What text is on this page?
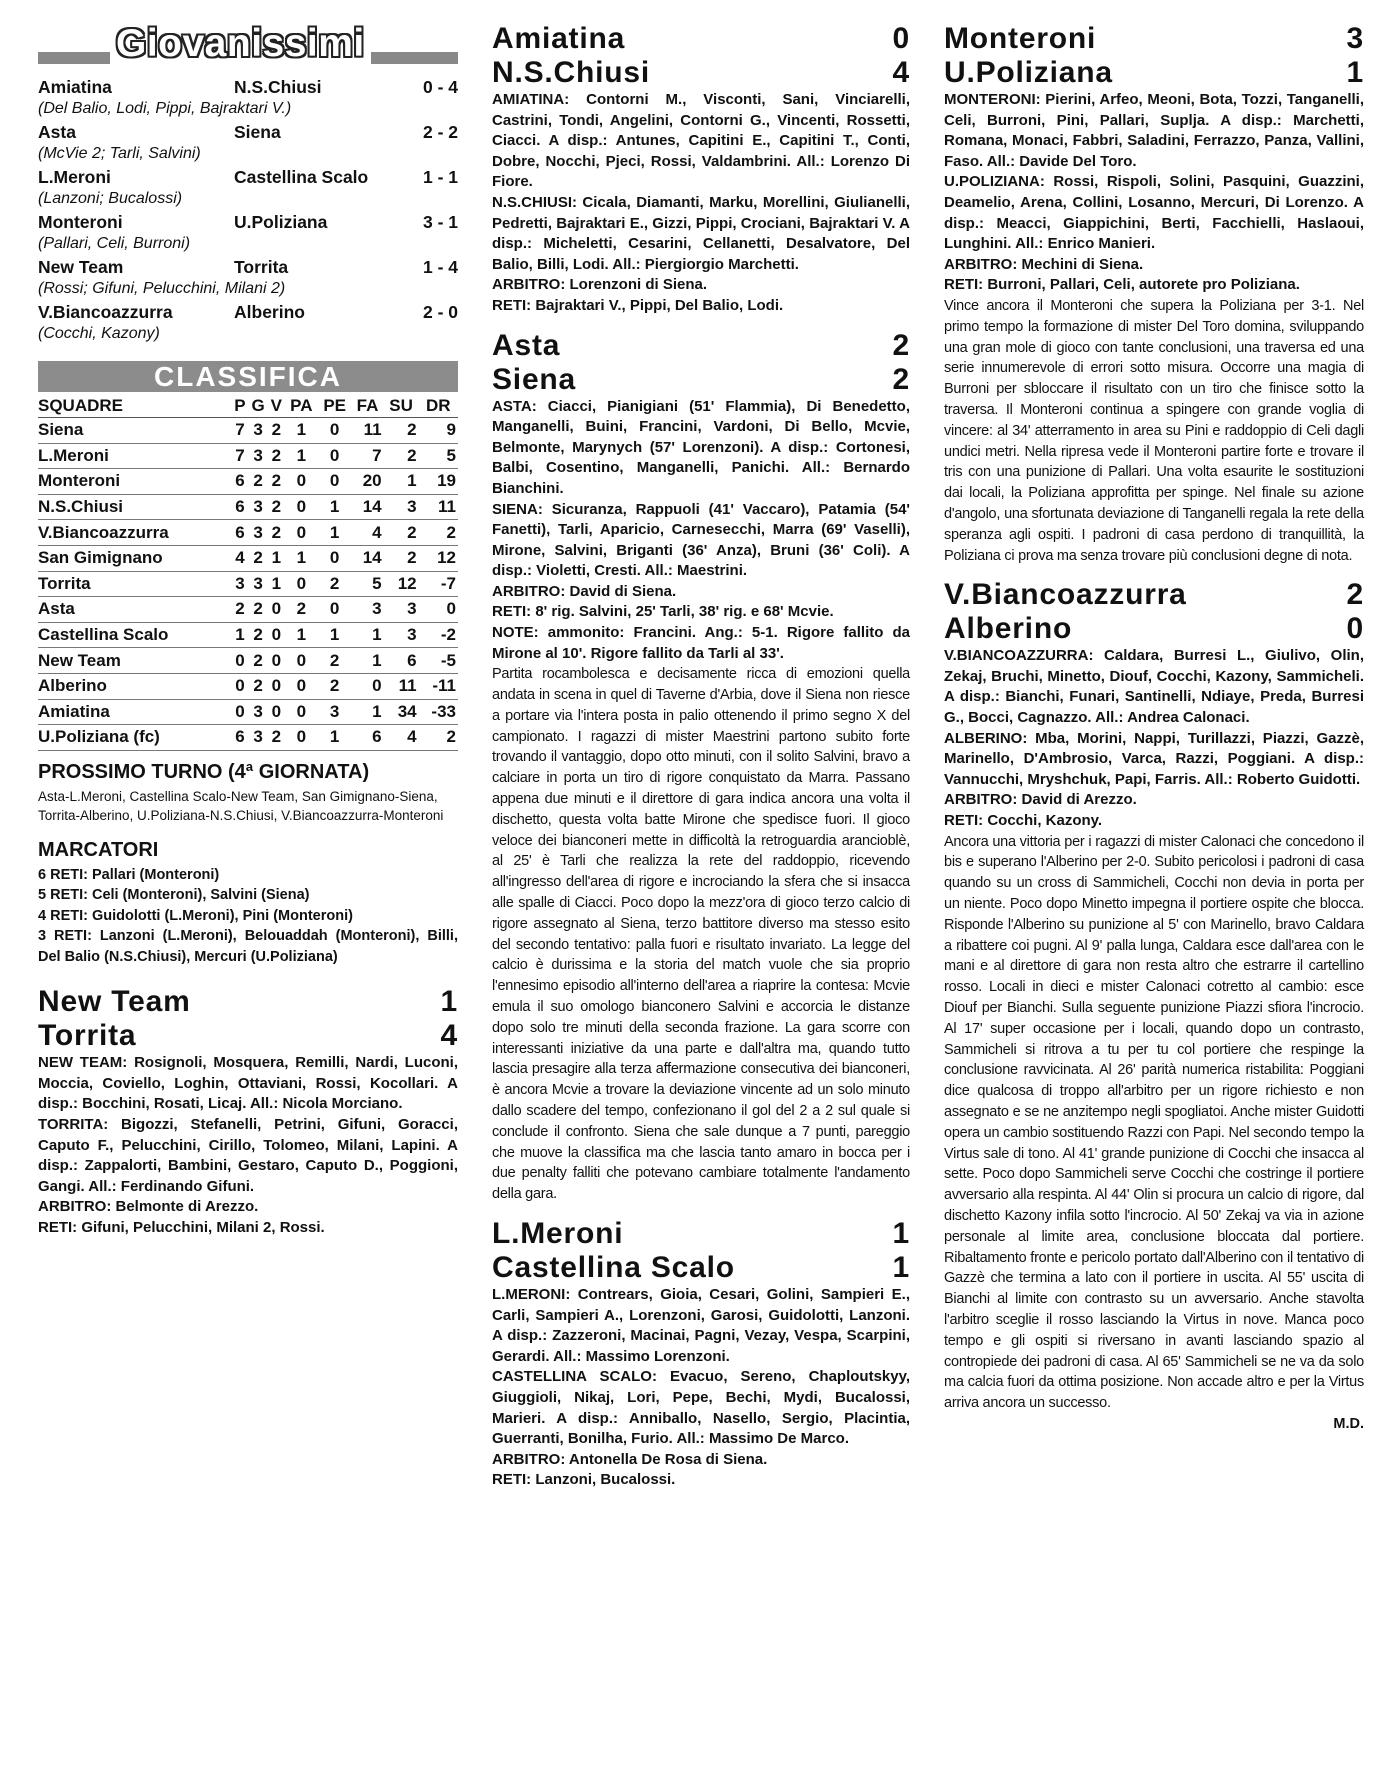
Giovanissimi
Amiatina	N.S.Chiusi	0 - 4
(Del Balio, Lodi, Pippi, Bajraktari V.)
Asta	Siena	2 - 2
(McVie 2; Tarli, Salvini)
L.Meroni	Castellina Scalo	1 - 1
(Lanzoni; Bucalossi)
Monteroni	U.Poliziana	3 - 1
(Pallari, Celi, Burroni)
New Team	Torrita	1 - 4
(Rossi; Gifuni, Pelucchini, Milani 2)
V.Biancoazzurra	Alberino	2 - 0
(Cocchi, Kazony)
CLASSIFICA
SQUADRE	P	G	V	PA	PE	FA	SU	DR
Siena	7	3	2	1	0	11	2	9
L.Meroni	7	3	2	1	0	7	2	5
Monteroni	6	2	2	0	0	20	1	19
N.S.Chiusi	6	3	2	0	1	14	3	11
V.Biancoazzurra	6	3	2	0	1	4	2	2
San Gimignano	4	2	1	1	0	14	2	12
Torrita	3	3	1	0	2	5	12	-7
Asta	2	2	0	2	0	3	3	0
Castellina Scalo	1	2	0	1	1	1	3	-2
New Team	0	2	0	0	2	1	6	-5
Alberino	0	2	0	0	2	0	11	-11
Amiatina	0	3	0	0	3	1	34	-33
U.Poliziana (fc)	6	3	2	0	1	6	4	2
PROSSIMO TURNO (4ª GIORNATA)
Asta-L.Meroni, Castellina Scalo-New Team, San Gimignano-Siena, Torrita-Alberino, U.Poliziana-N.S.Chiusi, V.Biancoazzurra-Monteroni
MARCATORI
6 RETI: Pallari (Monteroni)
5 RETI: Celi (Monteroni), Salvini (Siena)
4 RETI: Guidolotti (L.Meroni), Pini (Monteroni)
3 RETI: Lanzoni (L.Meroni), Belouaddah (Monteroni), Billi, Del Balio (N.S.Chiusi), Mercuri (U.Poliziana)
New Team	1
Torrita	4
NEW TEAM: Rosignoli, Mosquera, Remilli, Nardi, Luconi, Moccia, Coviello, Loghin, Ottaviani, Rossi, Kocollari. A disp.: Bocchini, Rosati, Licaj. All.: Nicola Morciano.
TORRITA: Bigozzi, Stefanelli, Petrini, Gifuni, Goracci, Caputo F., Pelucchini, Cirillo, Tolomeo, Milani, Lapini. A disp.: Zappalorti, Bambini, Gestaro, Caputo D., Poggioni, Gangi. All.: Ferdinando Gifuni.
ARBITRO: Belmonte di Arezzo.
RETI: Gifuni, Pelucchini, Milani 2, Rossi.
Amiatina	0
N.S.Chiusi	4
AMIATINA: Contorni M., Visconti, Sani, Vinciarelli, Castrini, Tondi, Angelini, Contorni G., Vincenti, Rossetti, Ciacci. A disp.: Antunes, Capitini E., Capitini T., Conti, Dobre, Nocchi, Pjeci, Rossi, Valdambrini. All.: Lorenzo Di Fiore.
N.S.CHIUSI: Cicala, Diamanti, Marku, Morellini, Giulianelli, Pedretti, Bajraktari E., Gizzi, Pippi, Crociani, Bajraktari V. A disp.: Micheletti, Cesarini, Cellanetti, Desalvatore, Del Balio, Billi, Lodi. All.: Piergiorgio Marchetti.
ARBITRO: Lorenzoni di Siena.
RETI: Bajraktari V., Pippi, Del Balio, Lodi.
Asta	2
Siena	2
ASTA: Ciacci, Pianigiani (51' Flammia), Di Benedetto, Manganelli, Buini, Francini, Vardoni, Di Bello, Mcvie, Belmonte, Marynych (57' Lorenzoni). A disp.: Cortonesi, Balbi, Cosentino, Manganelli, Panichi. All.: Bernardo Bianchini.
SIENA: Sicuranza, Rappuoli (41' Vaccaro), Patamia (54' Fanetti), Tarli, Aparicio, Carnesecchi, Marra (69' Vaselli), Mirone, Salvini, Briganti (36' Anza), Bruni (36' Coli). A disp.: Violetti, Cresti. All.: Maestrini.
ARBITRO: David di Siena.
RETI: 8' rig. Salvini, 25' Tarli, 38' rig. e 68' Mcvie.
NOTE: ammonito: Francini. Ang.: 5-1. Rigore fallito da Mirone al 10'. Rigore fallito da Tarli al 33'.
Partita rocambolesca e decisamente ricca di emozioni quella andata in scena in quel di Taverne d'Arbia, dove il Siena non riesce a portare via l'intera posta in palio ottenendo il primo segno X del campionato. I ragazzi di mister Maestrini partono subito forte trovando il vantaggio, dopo otto minuti, con il solito Salvini, bravo a calciare in porta un tiro di rigore conquistato da Marra. Passano appena due minuti e il direttore di gara indica ancora una volta il dischetto, questa volta batte Mirone che spedisce fuori. Il gioco veloce dei bianconeri mette in difficoltà la retroguardia arancioblè, al 25' è Tarli che realizza la rete del raddoppio, ricevendo all'ingresso dell'area di rigore e incrociando la sfera che si insacca alle spalle di Ciacci. Poco dopo la mezz'ora di gioco terzo calcio di rigore assegnato al Siena, terzo battitore diverso ma stesso esito del secondo tentativo: palla fuori e risultato invariato. La legge del calcio è durissima e la storia del match vuole che sia proprio l'ennesimo episodio all'interno dell'area a riaprire la contesa: Mcvie emula il suo omologo bianconero Salvini e accorcia le distanze dopo solo tre minuti della seconda frazione. La gara scorre con interessanti iniziative da una parte e dall'altra ma, quando tutto lascia presagire alla terza affermazione consecutiva dei bianconeri, è ancora Mcvie a trovare la deviazione vincente ad un solo minuto dallo scadere del tempo, confezionano il gol del 2 a 2 sul quale si conclude il confronto. Siena che sale dunque a 7 punti, pareggio che muove la classifica ma che lascia tanto amaro in bocca per i due penalty falliti che potevano cambiare totalmente l'andamento della gara.
L.Meroni	1
Castellina Scalo	1
L.MERONI: Contrears, Gioia, Cesari, Golini, Sampieri E., Carli, Sampieri A., Lorenzoni, Garosi, Guidolotti, Lanzoni. A disp.: Zazzeroni, Macinai, Pagni, Vezay, Vespa, Scarpini, Gerardi. All.: Massimo Lorenzoni.
CASTELLINA SCALO: Evacuo, Sereno, Chaploutskyy, Giuggioli, Nikaj, Lori, Pepe, Bechi, Mydi, Bucalossi, Marieri. A disp.: Anniballo, Nasello, Sergio, Placintia, Guerranti, Bonilha, Furio. All.: Massimo De Marco.
ARBITRO: Antonella De Rosa di Siena.
RETI: Lanzoni, Bucalossi.
Monteroni	3
U.Poliziana	1
MONTERONI: Pierini, Arfeo, Meoni, Bota, Tozzi, Tanganelli, Celi, Burroni, Pini, Pallari, Suplja. A disp.: Marchetti, Romana, Monaci, Fabbri, Saladini, Ferrazzo, Panza, Vallini, Faso. All.: Davide Del Toro.
U.POLIZIANA: Rossi, Rispoli, Solini, Pasquini, Guazzini, Deamelio, Arena, Collini, Losanno, Mercuri, Di Lorenzo. A disp.: Meacci, Giappichini, Berti, Facchielli, Haslaoui, Lunghini. All.: Enrico Manieri.
ARBITRO: Mechini di Siena.
RETI: Burroni, Pallari, Celi, autorete pro Poliziana.
Vince ancora il Monteroni che supera la Poliziana per 3-1. Nel primo tempo la formazione di mister Del Toro domina, sviluppando una gran mole di gioco con tante conclusioni, una traversa ed una serie innumerevole di errori sotto misura. Occorre una magia di Burroni per sbloccare il risultato con un tiro che finisce sotto la traversa. Il Monteroni continua a spingere con grande voglia di vincere: al 34' atterramento in area su Pini e raddoppio di Celi dagli undici metri. Nella ripresa vede il Monteroni partire forte e trovare il tris con una punizione di Pallari. Una volta esaurite le sostituzioni dai locali, la Poliziana approfitta per spinge. Nel finale su azione d'angolo, una sfortunata deviazione di Tanganelli regala la rete della speranza agli ospiti. I padroni di casa perdono di tranquillità, la Poliziana ci prova ma senza trovare più conclusioni degne di nota.
V.Biancoazzurra	2
Alberino	0
V.BIANCOAZZURRA: Caldara, Burresi L., Giulivo, Olin, Zekaj, Bruchi, Minetto, Diouf, Cocchi, Kazony, Sammicheli. A disp.: Bianchi, Funari, Santinelli, Ndiaye, Preda, Burresi G., Bocci, Cagnazzo. All.: Andrea Calonaci.
ALBERINO: Mba, Morini, Nappi, Turillazzi, Piazzi, Gazzè, Marinello, D'Ambrosio, Varca, Razzi, Poggiani. A disp.: Vannucchi, Mryshchuk, Papi, Farris. All.: Roberto Guidotti.
ARBITRO: David di Arezzo.
RETI: Cocchi, Kazony.
Ancora una vittoria per i ragazzi di mister Calonaci che concedono il bis e superano l'Alberino per 2-0. Subito pericolosi i padroni di casa quando su un cross di Sammicheli, Cocchi non devia in porta per un niente. Poco dopo Minetto impegna il portiere ospite che blocca. Risponde l'Alberino su punizione al 5' con Marinello, bravo Caldara a ribattere coi pugni. Al 9' palla lunga, Caldara esce dall'area con le mani e al direttore di gara non resta altro che estrarre il cartellino rosso. Locali in dieci e mister Calonaci cotretto al cambio: esce Diouf per Bianchi. Sulla seguente punizione Piazzi sfiora l'incrocio. Al 17' super occasione per i locali, quando dopo un contrasto, Sammicheli si ritrova a tu per tu col portiere che respinge la conclusione ravvicinata. Al 26' parità numerica ristabilita: Poggiani dice qualcosa di troppo all'arbitro per un rigore richiesto e non assegnato e se ne anzitempo negli spogliatoi. Anche mister Guidotti opera un cambio sostituendo Razzi con Papi. Nel secondo tempo la Virtus sale di tono. Al 41' grande punizione di Cocchi che insacca al sette. Poco dopo Sammicheli serve Cocchi che costringe il portiere avversario alla respinta. Al 44' Olin si procura un calcio di rigore, dal dischetto Kazony infila sotto l'incrocio. Al 50' Zekaj va via in azione personale al limite area, conclusione bloccata dal portiere. Ribaltamento fronte e pericolo portato dall'Alberino con il tentativo di Gazzè che termina a lato con il portiere in uscita. Al 55' uscita di Bianchi al limite con contrasto su un avversario. Anche stavolta l'arbitro sceglie il rosso lasciando la Virtus in nove. Manca poco tempo e gli ospiti si riversano in avanti lasciando spazio al contropiede dei padroni di casa. Al 65' Sammicheli se ne va da solo ma calcia fuori da ottima posizione. Non accade altro e per la Virtus arriva ancora un successo.
M.D.
